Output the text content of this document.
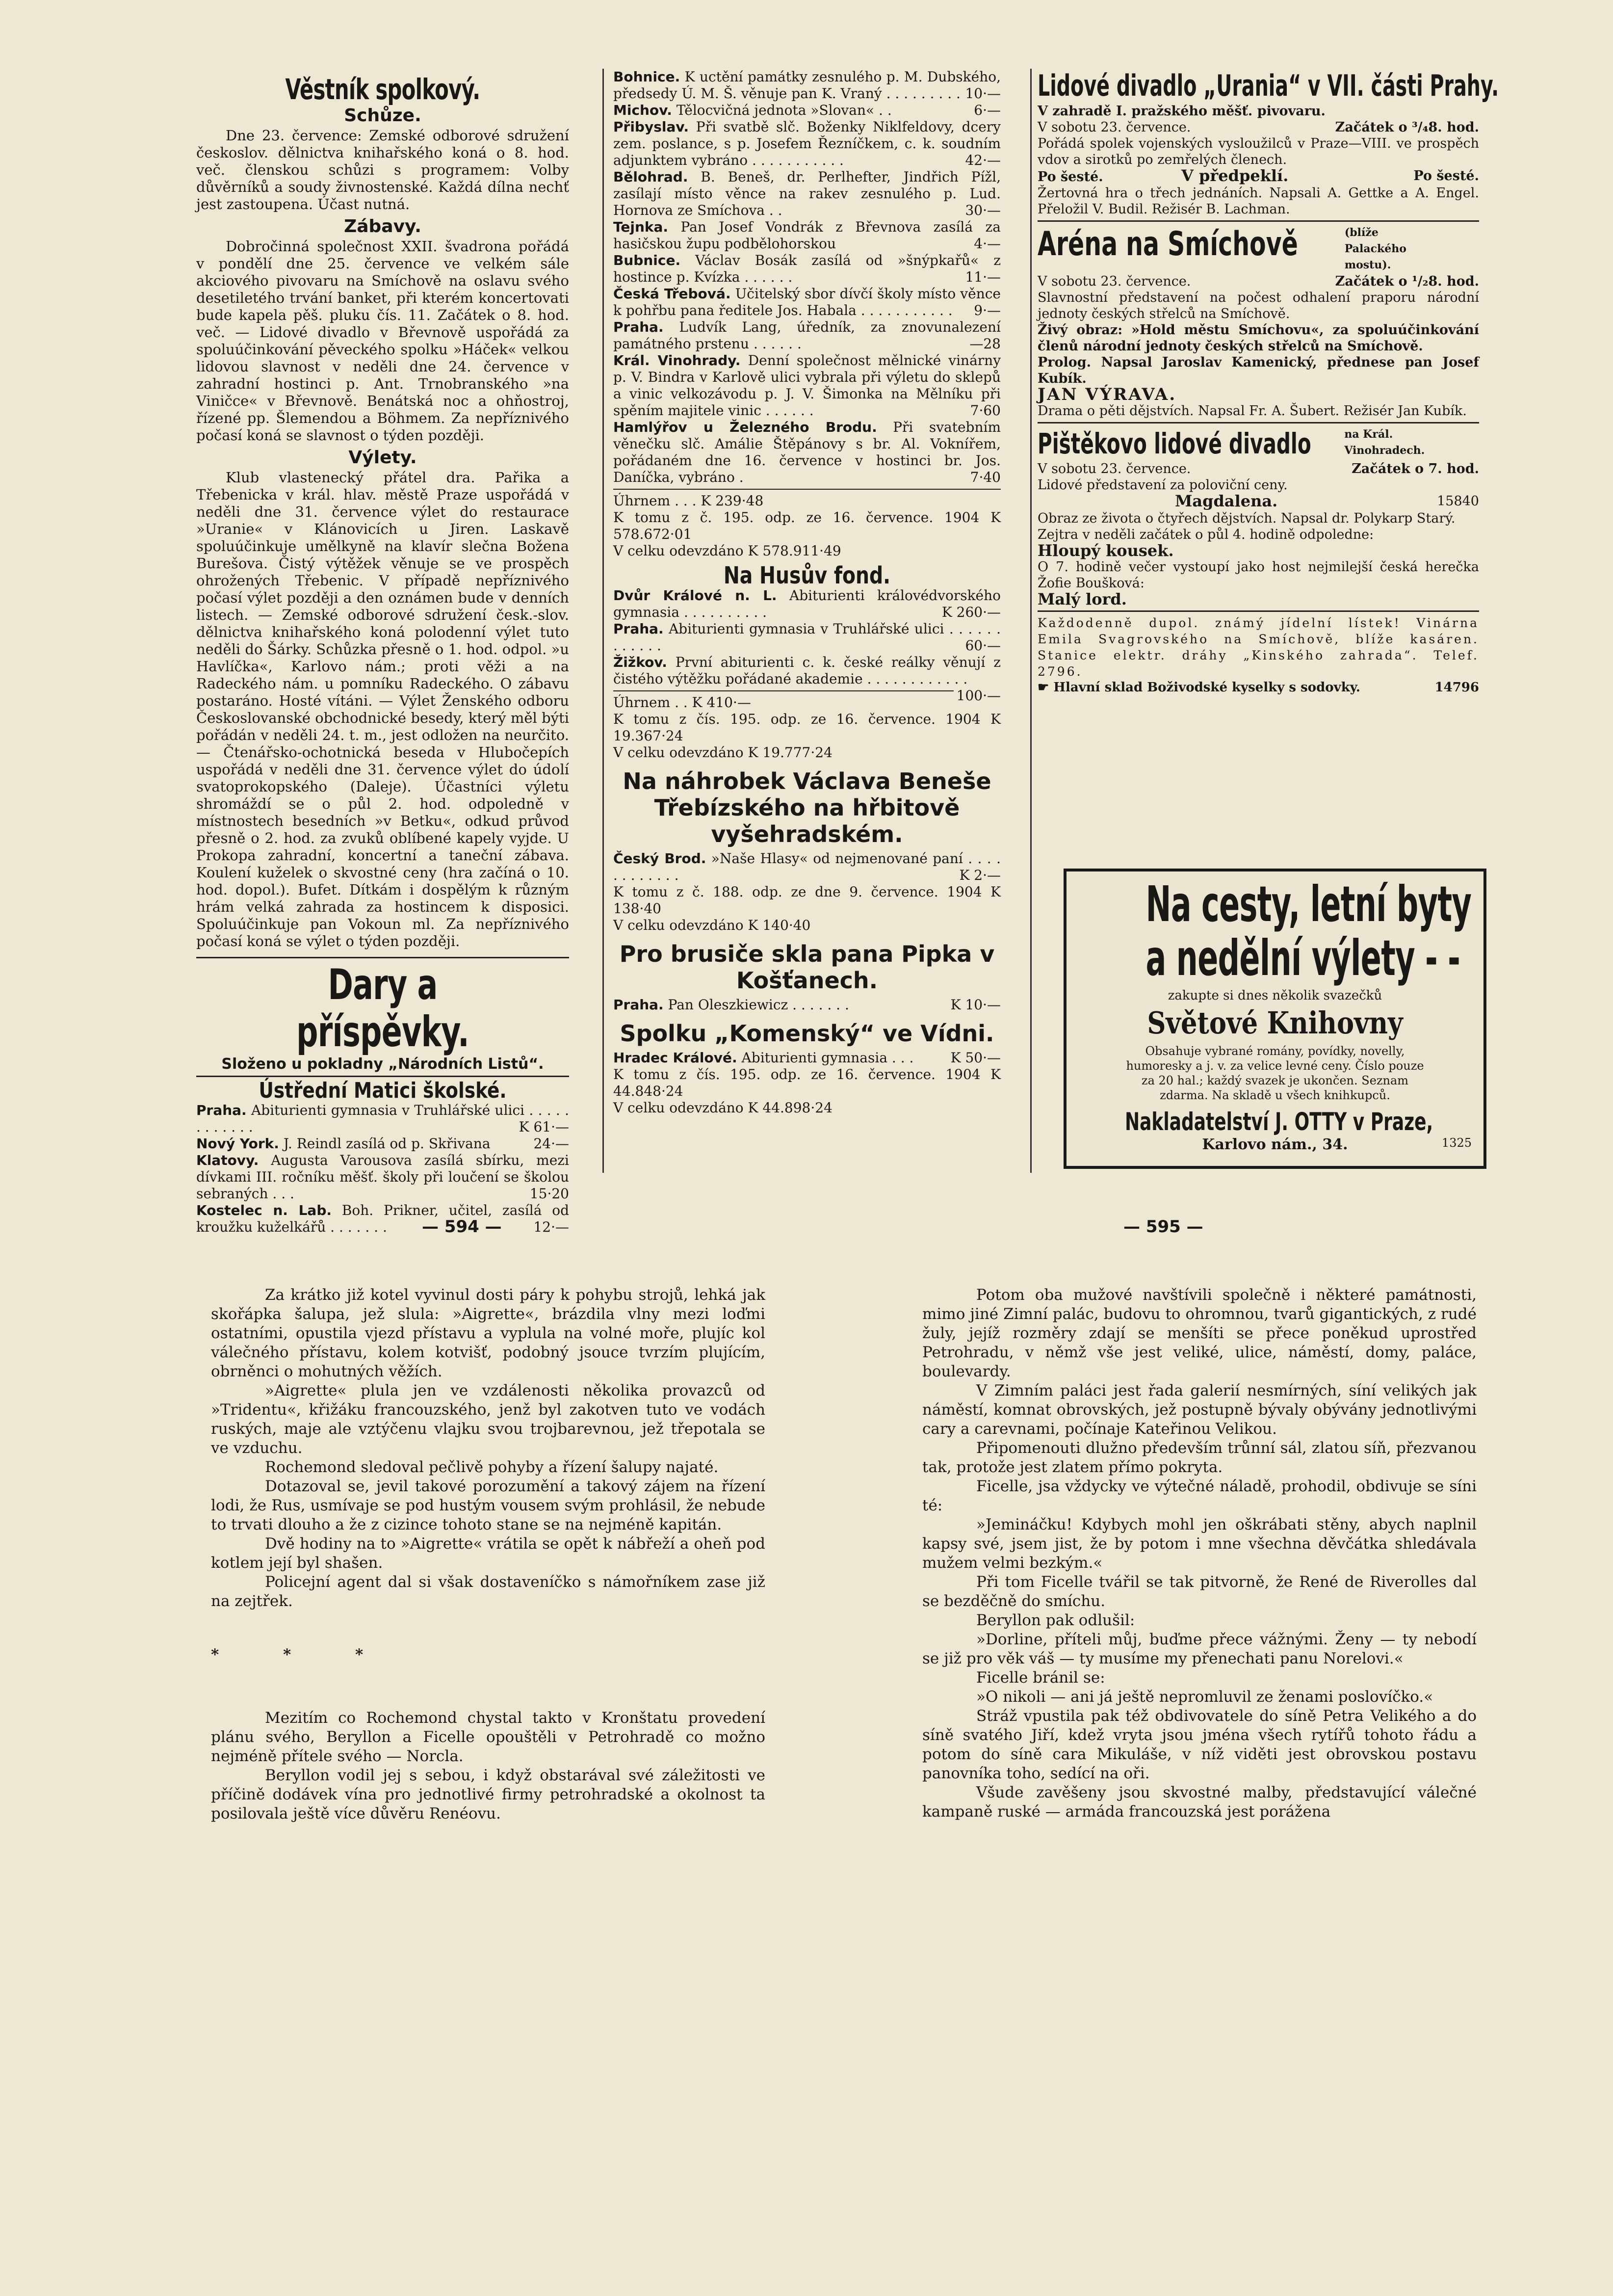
Věstník spolkový.
Schůze.

Dne 23. července: Zemské odborové sdružení českoslov. dělnictva knihařského koná o 8. hod. več. členskou schůzi s programem: Volby důvěrníků a soudy živnostenské. Každá dílna nechť jest zastoupena. Účast nutná.

Zábavy.

Dobročinná společnost XXII. švadrona pořádá v pondělí dne 25. července ve velkém sále akciového pivovaru na Smíchově na oslavu svého desetiletého trvání banket, při kterém koncertovati bude kapela pěš. pluku čís. 11. Začátek o 8. hod. več. — Lidové divadlo v Břevnově uspořádá za spoluúčinkování pěveckého spolku »Háček« velkou lidovou slavnost v neděli dne 24. července v zahradní hostinci p. Ant. Trnobranského »na Viničce« v Břevnově. Benátská noc a ohňostroj, řízené pp. Šlemendou a Böhmem. Za nepříznivého počasí koná se slavnost o týden později.

Výlety.

Klub vlastenecký přátel dra. Pařika a Třebenicka v král. hlav. městě Praze uspořádá v neděli dne 31. července výlet do restaurace »Uranie« v Klánovicích u Jiren. Laskavě spoluúčinkuje umělkyně na klavír slečna Božena Burešova. Čistý výtěžek věnuje se ve prospěch ohrožených Třebenic. V případě nepříznivého počasí výlet později a den oznámen bude v denních listech. — Zemské odborové sdružení česk.-slov. dělnictva knihařského koná polodenní výlet tuto neděli do Šárky. Schůzka přesně o 1. hod. odpol. »u Havlíčka«, Karlovo nám.; proti věži a na Radeckého nám. u pomníku Radeckého. O zábavu postaráno. Hosté vítáni. — Výlet Ženského odboru Českoslovanské obchodnické besedy, který měl býti pořádán v neděli 24. t. m., jest odložen na neurčito. — Čtenářsko-ochotnická beseda v Hlubočepích uspořádá v neděli dne 31. července výlet do údolí svatoprokopského (Daleje). Účastníci výletu shromáždí se o půl 2. hod. odpoledně v místnostech besedních »v Betku«, odkud průvod přesně o 2. hod. za zvuků oblíbené kapely vyjde. U Prokopa zahradní, koncertní a taneční zábava. Koulení kuželek o skvostné ceny (hra začíná o 10. hod. dopol.). Bufet. Dítkám i dospělým k různým hrám velká zahrada za hostincem k disposici. Spoluúčinkuje pan Vokoun ml. Za nepříznivého počasí koná se výlet o týden později.

Dary a příspěvky.
Složeno u pokladny „Národních Listů“.
Ústřední Matici školské.

Praha. Abiturienti gymnasia v Truhlářské ulici . . . . . . . . . . . .	K 61·—

Nový York. J. Reindl zasílá od p. Skřivana	24·—

Klatovy. Augusta Varousova zasílá sbírku, mezi dívkami III. ročníku měšť. školy při loučení se školou sebraných . . .	15·20

Kostelec n. Lab. Boh. Prikner, učitel, zasílá od kroužku kuželkářů . . . . . . .	12·—

Bohnice. K uctění památky zesnulého p. M. Dubského, předsedy Ú. M. Š. věnuje pan K. Vraný . . . . . . . . . 10·—

Michov. Tělocvičná jednota »Slovan« . .	6·—

Přibyslav. Při svatbě slč. Boženky Niklfeldovy, dcery zem. poslance, s p. Josefem Řezníčkem, c. k. soudním adjunktem vybráno . . . . . . . . . . .	42·—

Bělohrad. B. Beneš, dr. Perlhefter, Jindřich Pížl, zasílají místo věnce na rakev zesnulého p. Lud. Hornova ze Smíchova . .	30·—

Tejnka. Pan Josef Vondrák z Břevnova zasílá za hasičskou župu podbělohorskou	4·—

Bubnice. Václav Bosák zasílá od »šnýpkařů« z hostince p. Kvízka . . . . . .	11·—

Česká Třebová. Učitelský sbor dívčí školy místo věnce k pohřbu pana ředitele Jos. Habala . . . . . . . . . . . 9·—

Praha. Ludvík Lang, úředník, za znovunalezení památného prstenu . . . . . .	—28

Král. Vinohrady. Denní společnost mělnické vinárny p. V. Bindra v Karlově ulici vybrala při výletu do sklepů a vinic velkozávodu p. J. V. Šimonka na Mělníku při spěním majitele vinic . . . . . .	7·60

Hamlýřov u Železného Brodu. Při svatebním věnečku slč. Amálie Štěpánovy s br. Al. Voknířem, pořádaném dne 16. července v hostinci br. Jos. Daníčka, vybráno .	7·40

Úhrnem . . . K 239·48

K tomu z č. 195. odp. ze 16. července. 1904 K 578.672·01

V celku odevzdáno K 578.911·49

Na Husův fond.

Dvůr Králové n. L. Abiturienti královédvorského gymnasia . . . . . . . . . .	K 260·—

Praha. Abiturienti gymnasia v Truhlářské ulici . . . . . . . . . . . .	60·—

Žižkov. První abiturienti c. k. české reálky věnují z čistého výtěžku pořádané akademie . . . . . . . . . . . .
100·—

Úhrnem . . K 410·—

K tomu z čís. 195. odp. ze 16. července. 1904 K 19.367·24

V celku odevzdáno K 19.777·24

Na náhrobek Václava Beneše Třebízského na hřbitově vyšehradském.

Český Brod. »Naše Hlasy« od nejmenované paní . . . . . . . . . . . .	K 2·—

K tomu z č. 188. odp. ze dne 9. července. 1904 K 138·40

V celku odevzdáno K 140·40

Pro brusiče skla pana Pipka v Košťanech.

Praha. Pan Oleszkiewicz . . . . . . .	K 10·—

Spolku „Komenský“ ve Vídni.

Hradec Králové. Abiturienti gymnasia . . .	K 50·—

K tomu z čís. 195. odp. ze 16. července. 1904 K 44.848·24

V celku odevzdáno K 44.898·24

Lidové divadlo „Urania“ v VII. části Prahy.

V zahradě I. pražského měšť. pivovaru.

V sobotu 23. července.	Začátek o ³/₄8. hod.

Pořádá spolek vojenských vysloužilců v Praze—VIII. ve prospěch vdov a sirotků po zemřelých členech.

Po šesté.	V předpeklí.	Po šesté.

Žertovná hra o třech jednáních. Napsali A. Gettke a A. Engel. Přeložil V. Budil. Režisér B. Lachman.

Aréna na Smíchově	(blíže Palackého mostu).

V sobotu 23. července.	Začátek o ¹/₂8. hod.

Slavnostní představení na počest odhalení praporu národní jednoty českých střelců na Smíchově.

Živý obraz: »Hold městu Smíchovu«, za spoluúčinkování členů národní jednoty českých střelců na Smíchově.

Prolog. Napsal Jaroslav Kamenický, přednese pan Josef Kubík.

JAN VÝRAVA.

Drama o pěti dějstvích. Napsal Fr. A. Šubert. Režisér Jan Kubík.

Pištěkovo lidové divadlo	na Král. Vinohradech.

V sobotu 23. července.	Začátek o 7. hod.

Lidové představení za poloviční ceny.

Magdalena.	15840

Obraz ze života o čtyřech dějstvích. Napsal dr. Polykarp Starý.

Zejtra v neděli začátek o půl 4. hodině odpoledne:

Hloupý kousek.

O 7. hodině večer vystoupí jako host nejmilejší česká herečka Žofie Boušková:

Malý lord.

Každodenně dupol. známý jídelní lístek! Vinárna Emila Svagrovského na Smíchově, blíže kasáren. Stanice elektr. dráhy „Kinského zahrada“. Telef. 2796.

☛ Hlavní sklad Boživodské kyselky s sodovky.	14796

Na cesty, letní byty
a nedělní výlety - -
zakupte si dnes několik svazečků
Světové Knihovny
Obsahuje vybrané romány, povídky, novelly, humoresky a j. v. za velice levné ceny. Číslo pouze za 20 hal.; každý svazek je ukončen. Seznam zdarma. Na skladě u všech knihkupců.
Nakladatelství J. OTTY v Praze,
Karlovo nám., 34.	1325
— 594 —	— 595 —

Za krátko již kotel vyvinul dosti páry k pohybu strojů, lehká jak skořápka šalupa, jež slula: »Aigrette«, brázdila vlny mezi loďmi ostatními, opustila vjezd přístavu a vyplula na volné moře, plujíc kol válečného přístavu, kolem kotvišť, podobný jsouce tvrzím plujícím, obrněnci o mohutných věžích.

»Aigrette« plula jen ve vzdálenosti několika provazců od »Tridentu«, křižáku francouzského, jenž byl zakotven tuto ve vodách ruských, maje ale vztýčenu vlajku svou trojbarevnou, jež třepotala se ve vzduchu.

Rochemond sledoval pečlivě pohyby a řízení šalupy najaté.

Dotazoval se, jevil takové porozumění a takový zájem na řízení lodi, že Rus, usmívaje se pod hustým vousem svým prohlásil, že nebude to trvati dlouho a že z cizince tohoto stane se na nejméně kapitán.

Dvě hodiny na to »Aigrette« vrátila se opět k nábřeží a oheň pod kotlem její byl shašen.

Policejní agent dal si však dostaveníčko s námořníkem zase již na zejtřek.

* * *

Mezitím co Rochemond chystal takto v Kronštatu provedení plánu svého, Beryllon a Ficelle opouštěli v Petrohradě co možno nejméně přítele svého — Norcla.

Beryllon vodil jej s sebou, i když obstarával své záležitosti ve příčině dodávek vína pro jednotlivé firmy petrohradské a okolnost ta posilovala ještě více důvěru Renéovu.

Potom oba mužové navštívili společně i některé památnosti, mimo jiné Zimní palác, budovu to ohromnou, tvarů gigantických, z rudé žuly, jejíž rozměry zdají se menšíti se přece poněkud uprostřed Petrohradu, v němž vše jest veliké, ulice, náměstí, domy, paláce, boulevardy.

V Zimním paláci jest řada galerií nesmírných, síní velikých jak náměstí, komnat obrovských, jež postupně bývaly obývány jednotlivými cary a carevnami, počínaje Kateřinou Velikou.

Připomenouti dlužno především trůnní sál, zlatou síň, přezvanou tak, protože jest zlatem přímo pokryta.

Ficelle, jsa vždycky ve výtečné náladě, prohodil, obdivuje se síni té:

»Jemináčku! Kdybych mohl jen oškrábati stěny, abych naplnil kapsy své, jsem jist, že by potom i mne všechna děvčátka shledávala mužem velmi bezkým.«

Při tom Ficelle tvářil se tak pitvorně, že René de Riverolles dal se bezděčně do smíchu.

Beryllon pak odlušil:

»Dorline, příteli můj, buďme přece vážnými. Ženy — ty nebodí se již pro věk váš — ty musíme my přenechati panu Norelovi.«

Ficelle bránil se:

»O nikoli — ani já ještě nepromluvil ze ženami poslovíčko.«

Stráž vpustila pak též obdivovatele do síně Petra Velikého a do síně svatého Jiří, kdež vryta jsou jména všech rytířů tohoto řádu a potom do síně cara Mikuláše, v níž viděti jest obrovskou postavu panovníka toho, sedící na oři.

Všude zavěšeny jsou skvostné malby, představující válečné kampaně ruské — armáda francouzská jest porážena
